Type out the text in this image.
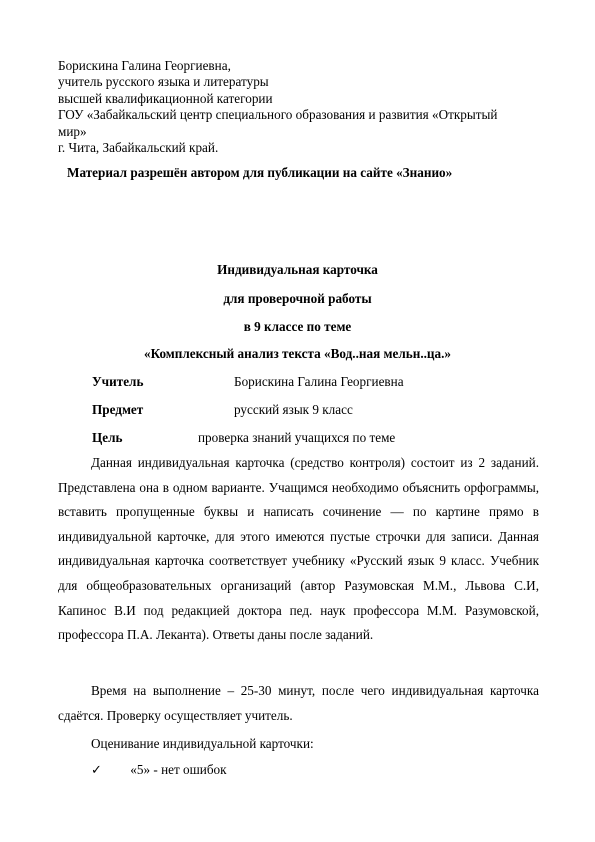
Борискина Галина Георгиевна,
учитель русского языка и литературы
высшей квалификационной категории
ГОУ «Забайкальский центр специального образования и развития «Открытый
мир»
г. Чита, Забайкальский край.
Материал разрешён автором для публикации на сайте «Знанио»
Индивидуальная карточка
для проверочной работы
в 9 классе по теме
«Комплексный анализ текста «Вод..ная мельн..ца.»
Учитель	Борискина Галина Георгиевна
Предмет	русский язык 9 класс
Цель	проверка знаний учащихся по теме
Данная индивидуальная карточка (средство контроля) состоит из 2 заданий. Представлена она в одном варианте. Учащимся необходимо объяснить орфограммы, вставить пропущенные буквы и написать сочинение — по картине прямо в индивидуальной карточке, для этого имеются пустые строчки для записи. Данная индивидуальная карточка соответствует учебнику «Русский язык 9 класс. Учебник для общеобразовательных организаций (автор Разумовская М.М., Львова С.И, Капинос В.И под редакцией доктора пед. наук профессора М.М. Разумовской, профессора П.А. Леканта). Ответы даны после заданий.
Время на выполнение – 25-30 минут, после чего индивидуальная карточка сдаётся. Проверку осуществляет учитель.
Оценивание индивидуальной карточки:
✓ «5» - нет ошибок
